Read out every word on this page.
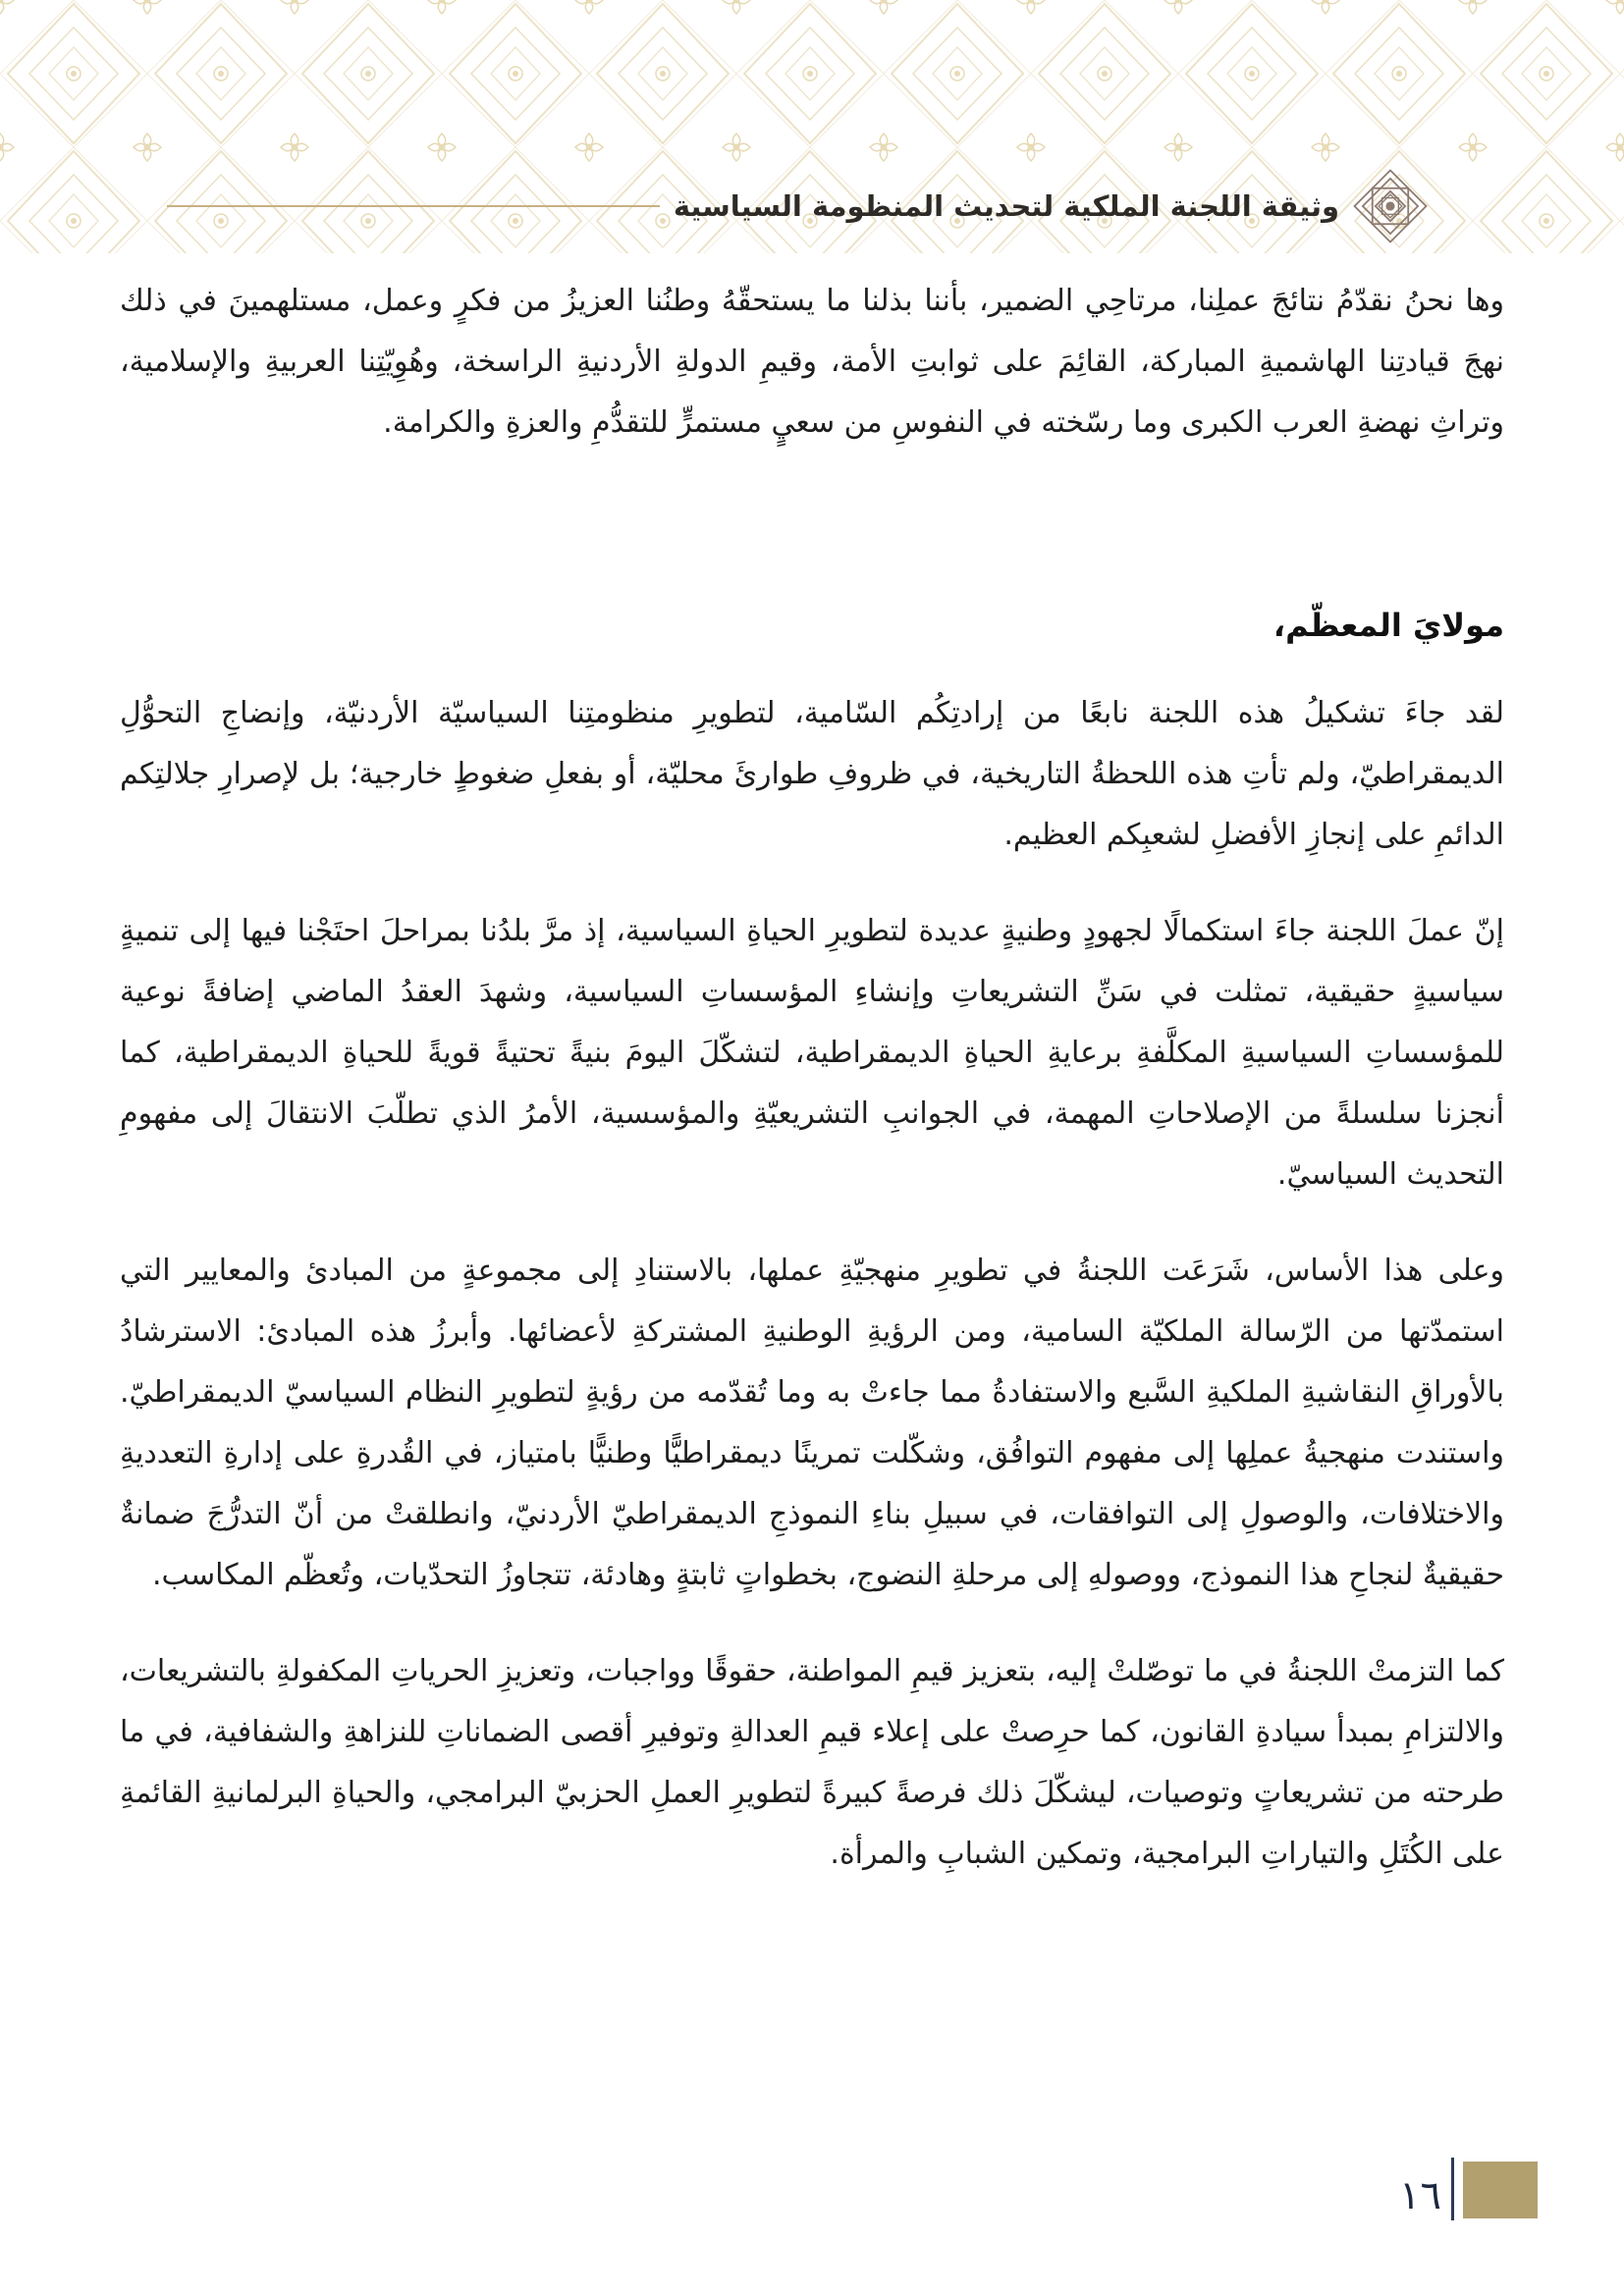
وثيقة اللجنة الملكية لتحديث المنظومة السياسية

وها نحنُ نقدّمُ نتائجَ عملِنا، مرتاحِي الضمير، بأننا بذلنا ما يستحقّهُ وطنُنا العزيزُ من فكرٍ وعمل، مستلهمينَ في ذلك نهجَ قيادتِنا الهاشميةِ المباركة، القائِمَ على ثوابتِ الأمة، وقيمِ الدولةِ الأردنيةِ الراسخة، وهُوِيّتِنا العربيةِ والإسلامية، وتراثِ نهضةِ العرب الكبرى وما رسّخته في النفوسِ من سعيٍ مستمرٍّ للتقدُّمِ والعزةِ والكرامة.

مولايَ المعظّم،

لقد جاءَ تشكيلُ هذه اللجنة نابعًا من إرادتِكُم السّامية، لتطويرِ منظومتِنا السياسيّة الأردنيّة، وإنضاجِ التحوُّلِ الديمقراطيّ، ولم تأتِ هذه اللحظةُ التاريخية، في ظروفِ طوارئَ محليّة، أو بفعلِ ضغوطٍ خارجية؛ بل لإصرارِ جلالتِكم الدائمِ على إنجازِ الأفضلِ لشعبِكم العظيم.

إنّ عملَ اللجنة جاءَ استكمالًا لجهودٍ وطنيةٍ عديدة لتطويرِ الحياةِ السياسية، إذ مرَّ بلدُنا بمراحلَ احتَجْنا فيها إلى تنميةٍ سياسيةٍ حقيقية، تمثلت في سَنِّ التشريعاتِ وإنشاءِ المؤسساتِ السياسية، وشهدَ العقدُ الماضي إضافةً نوعية للمؤسساتِ السياسيةِ المكلَّفةِ برعايةِ الحياةِ الديمقراطية، لتشكّلَ اليومَ بنيةً تحتيةً قويةً للحياةِ الديمقراطية، كما أنجزنا سلسلةً من الإصلاحاتِ المهمة، في الجوانبِ التشريعيّةِ والمؤسسية، الأمرُ الذي تطلّبَ الانتقالَ إلى مفهومِ التحديث السياسيّ.

وعلى هذا الأساس، شَرَعَت اللجنةُ في تطويرِ منهجيّةِ عملها، بالاستنادِ إلى مجموعةٍ من المبادئ والمعايير التي استمدّتها من الرّسالة الملكيّة السامية، ومن الرؤيةِ الوطنيةِ المشتركةِ لأعضائها. وأبرزُ هذه المبادئ: الاسترشادُ بالأوراقِ النقاشيةِ الملكيةِ السَّبع والاستفادةُ مما جاءتْ به وما تُقدّمه من رؤيةٍ لتطويرِ النظام السياسيّ الديمقراطيّ. واستندت منهجيةُ عملِها إلى مفهوم التوافُق، وشكّلت تمرينًا ديمقراطيًّا وطنيًّا بامتياز، في القُدرةِ على إدارةِ التعدديةِ والاختلافات، والوصولِ إلى التوافقات، في سبيلِ بناءِ النموذجِ الديمقراطيّ الأردنيّ، وانطلقتْ من أنّ التدرُّجَ ضمانةٌ حقيقيةٌ لنجاحِ هذا النموذج، ووصولهِ إلى مرحلةِ النضوج، بخطواتٍ ثابتةٍ وهادئة، تتجاوزُ التحدّيات، وتُعظّم المكاسب.

كما التزمتْ اللجنةُ في ما توصّلتْ إليه، بتعزيز قيمِ المواطنة، حقوقًا وواجبات، وتعزيزِ الحرياتِ المكفولةِ بالتشريعات، والالتزامِ بمبدأ سيادةِ القانون، كما حرِصتْ على إعلاء قيمِ العدالةِ وتوفيرِ أقصى الضماناتِ للنزاهةِ والشفافية، في ما طرحته من تشريعاتٍ وتوصيات، ليشكّلَ ذلك فرصةً كبيرةً لتطويرِ العملِ الحزبيّ البرامجي، والحياةِ البرلمانيةِ القائمةِ على الكُتَلِ والتياراتِ البرامجية، وتمكين الشبابِ والمرأة.

١٦
